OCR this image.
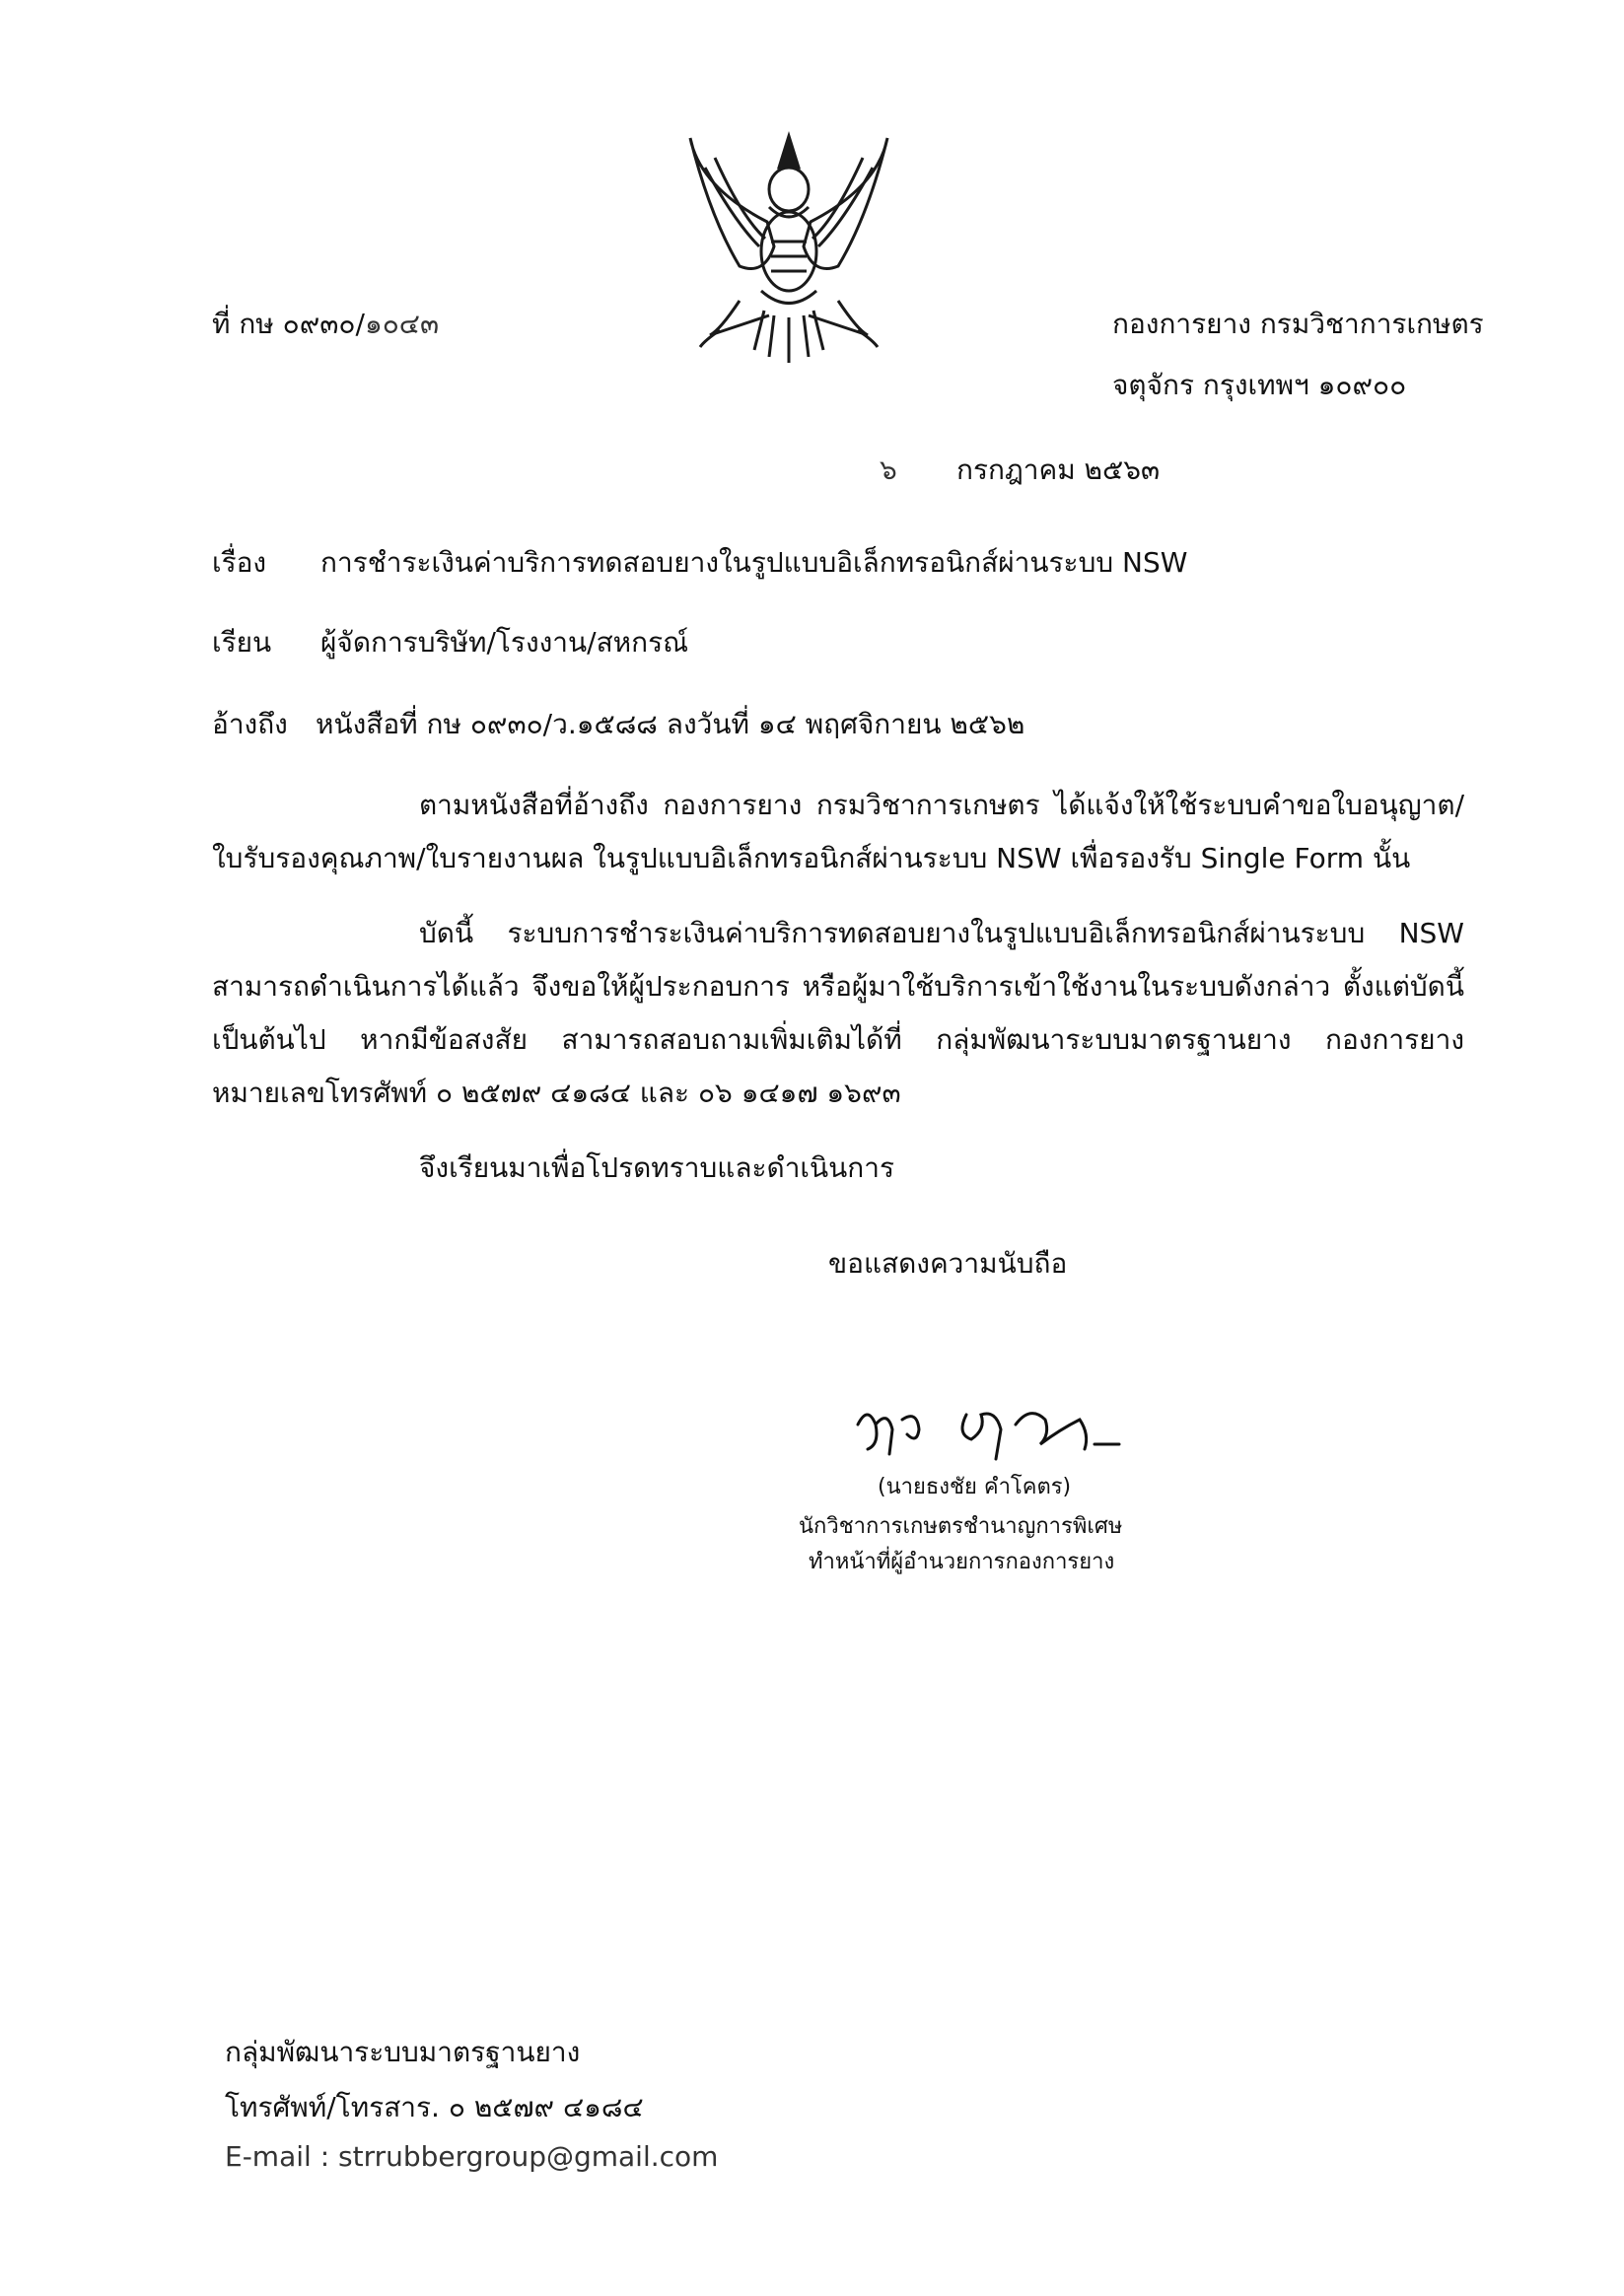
ที่ กษ ๐๙๓๐/๑๐๔๓	กองการยาง กรมวิชาการเกษตร
จตุจักร กรุงเทพฯ ๑๐๙๐๐
๖ กรกฎาคม ๒๕๖๓
เรื่อง การชำระเงินค่าบริการทดสอบยางในรูปแบบอิเล็กทรอนิกส์ผ่านระบบ NSW
เรียน ผู้จัดการบริษัท/โรงงาน/สหกรณ์
อ้างถึง หนังสือที่ กษ ๐๙๓๐/ว.๑๕๘๘ ลงวันที่ ๑๔ พฤศจิกายน ๒๕๖๒
ตามหนังสือที่อ้างถึง กองการยาง กรมวิชาการเกษตร ได้แจ้งให้ใช้ระบบคำขอใบอนุญาต/ใบรับรองคุณภาพ/ใบรายงานผล ในรูปแบบอิเล็กทรอนิกส์ผ่านระบบ NSW เพื่อรองรับ Single Form นั้น
บัดนี้ ระบบการชำระเงินค่าบริการทดสอบยางในรูปแบบอิเล็กทรอนิกส์ผ่านระบบ NSW สามารถดำเนินการได้แล้ว จึงขอให้ผู้ประกอบการ หรือผู้มาใช้บริการเข้าใช้งานในระบบดังกล่าว ตั้งแต่บัดนี้เป็นต้นไป หากมีข้อสงสัย สามารถสอบถามเพิ่มเติมได้ที่ กลุ่มพัฒนาระบบมาตรฐานยาง กองการยาง หมายเลขโทรศัพท์ ๐ ๒๕๗๙ ๔๑๘๔ และ ๐๖ ๑๔๑๗ ๑๖๙๓
จึงเรียนมาเพื่อโปรดทราบและดำเนินการ
ขอแสดงความนับถือ
(นายธงชัย คำโคตร)
นักวิชาการเกษตรชำนาญการพิเศษ
ทำหน้าที่ผู้อำนวยการกองการยาง
กลุ่มพัฒนาระบบมาตรฐานยาง
โทรศัพท์/โทรสาร. ๐ ๒๕๗๙ ๔๑๘๔
E-mail : strrubbergroup@gmail.com
